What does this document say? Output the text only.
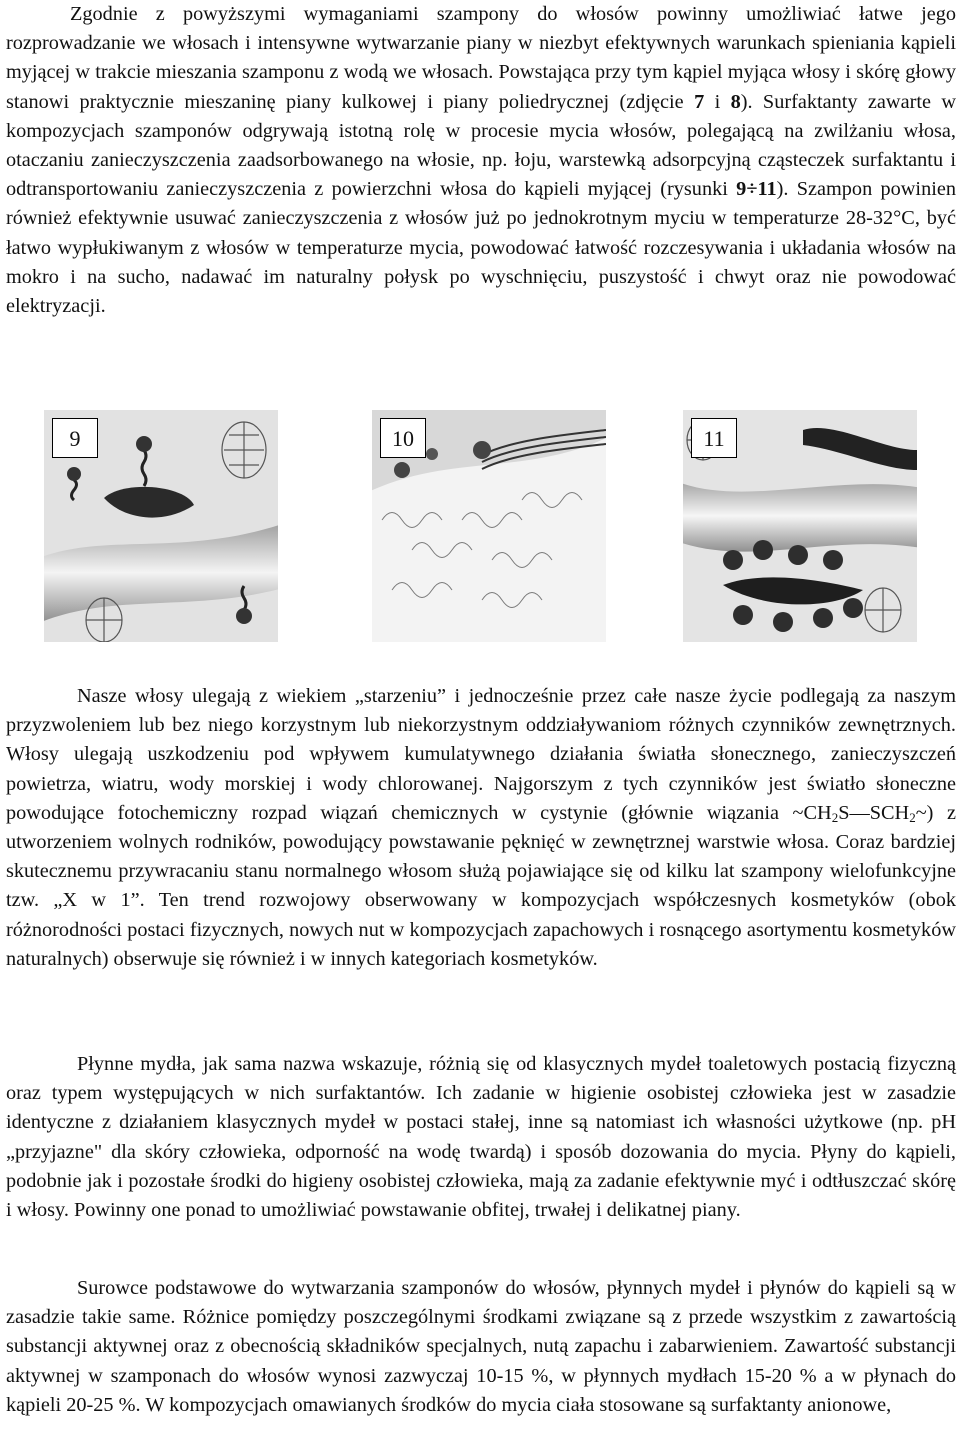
Zgodnie z powyższymi wymaganiami szampony do włosów powinny umożliwiać łatwe jego rozprowadzanie we włosach i intensywne wytwarzanie piany w niezbyt efektywnych warunkach spieniania kąpieli myjącej w trakcie mieszania szamponu z wodą we włosach. Powstająca przy tym kąpiel myjąca włosy i skórę głowy stanowi praktycznie mieszaninę piany kulkowej i piany poliedrycznej (zdjęcie 7 i 8). Surfaktanty zawarte w kompozycjach szamponów odgrywają istotną rolę w procesie mycia włosów, polegającą na zwilżaniu włosa, otaczaniu zanieczyszczenia zaadsorbowanego na włosie, np. łoju, warstewką adsorpcyjną cząsteczek surfaktantu i odtransportowaniu zanieczyszczenia z powierzchni włosa do kąpieli myjącej (rysunki 9÷11). Szampon powinien również efektywnie usuwać zanieczyszczenia z włosów już po jednokrotnym myciu w temperaturze 28-32°C, być łatwo wypłukiwanym z włosów w temperaturze mycia, powodować łatwość rozczesywania i układania włosów na mokro i na sucho, nadawać im naturalny połysk po wyschnięciu, puszystość i chwyt oraz nie powodować elektryzacji.

9	10	11

Nasze włosy ulegają z wiekiem „starzeniu” i jednocześnie przez całe nasze życie podlegają za naszym przyzwoleniem lub bez niego korzystnym lub niekorzystnym oddziaływaniom różnych czynników zewnętrznych. Włosy ulegają uszkodzeniu pod wpływem kumulatywnego działania światła słonecznego, zanieczyszczeń powietrza, wiatru, wody morskiej i wody chlorowanej. Najgorszym z tych czynników jest światło słoneczne powodujące fotochemiczny rozpad wiązań chemicznych w cystynie (głównie wiązania $\sim CH_2S—SCH_2\sim$) z utworzeniem wolnych rodników, powodujący powstawanie pęknięć w zewnętrznej warstwie włosa. Coraz bardziej skutecznemu przywracaniu stanu normalnego włosom służą pojawiające się od kilku lat szampony wielofunkcyjne tzw. „X w 1”. Ten trend rozwojowy obserwowany w kompozycjach współczesnych kosmetyków (obok różnorodności postaci fizycznych, nowych nut w kompozycjach zapachowych i rosnącego asortymentu kosmetyków naturalnych) obserwuje się również i w innych kategoriach kosmetyków.

Płynne mydła, jak sama nazwa wskazuje, różnią się od klasycznych mydeł toaletowych postacią fizyczną oraz typem występujących w nich surfaktantów. Ich zadanie w higienie osobistej człowieka jest w zasadzie identyczne z działaniem klasycznych mydeł w postaci stałej, inne są natomiast ich własności użytkowe (np. pH „przyjazne" dla skóry człowieka, odporność na wodę twardą) i sposób dozowania do mycia. Płyny do kąpieli, podobnie jak i pozostałe środki do higieny osobistej człowieka, mają za zadanie efektywnie myć i odtłuszczać skórę i włosy. Powinny one ponad to umożliwiać powstawanie obfitej, trwałej i delikatnej piany.

Surowce podstawowe do wytwarzania szamponów do włosów, płynnych mydeł i płynów do kąpieli są w zasadzie takie same. Różnice pomiędzy poszczególnymi środkami związane są z przede wszystkim z zawartością substancji aktywnej oraz z obecnością składników specjalnych, nutą zapachu i zabarwieniem. Zawartość substancji aktywnej w szamponach do włosów wynosi zazwyczaj 10-15 %, w płynnych mydłach 15-20 % a w płynach do kąpieli 20-25 %. W kompozycjach omawianych środków do mycia ciała stosowane są surfaktanty anionowe,
